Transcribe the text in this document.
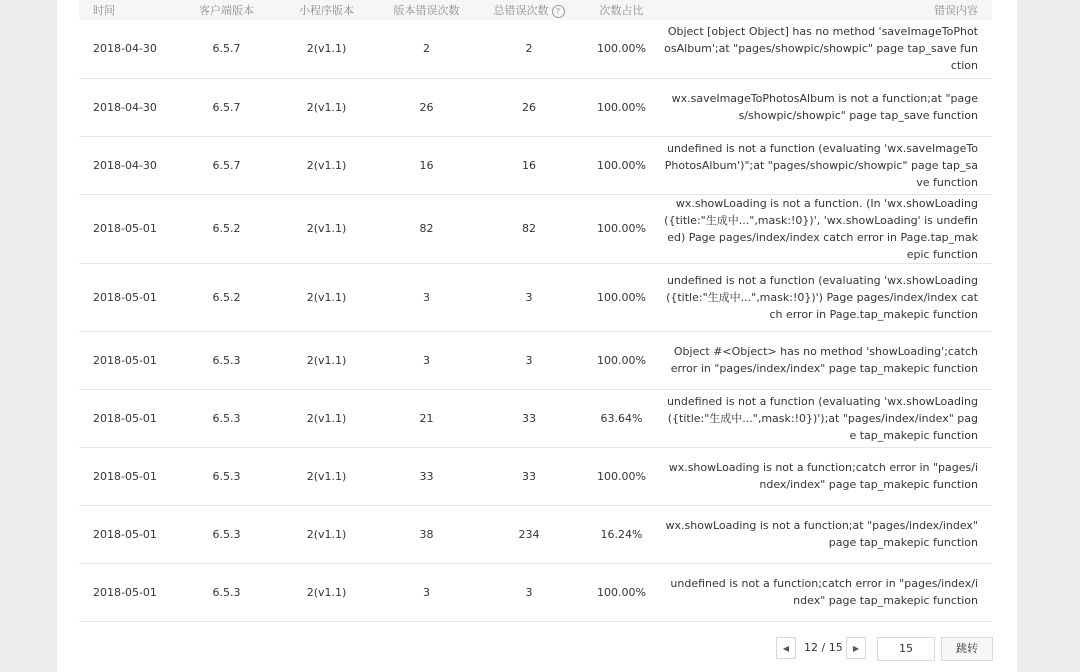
时间	客户端版本	小程序版本	版本错误次数	总错误次数 ?	次数占比	错误内容
2018-04-30	6.5.7	2(v1.1)	2	2	100.00%	Object [object Object] has no method 'saveImageToPhotosAlbum';at "pages/showpic/showpic" page tap_save function
2018-04-30	6.5.7	2(v1.1)	26	26	100.00%	wx.saveImageToPhotosAlbum is not a function;at "pages/showpic/showpic" page tap_save function
2018-04-30	6.5.7	2(v1.1)	16	16	100.00%	undefined is not a function (evaluating 'wx.saveImageToPhotosAlbum')";at "pages/showpic/showpic" page tap_save function
2018-05-01	6.5.2	2(v1.1)	82	82	100.00%	wx.showLoading is not a function. (In 'wx.showLoading({title:"生成中...",mask:!0})', 'wx.showLoading' is undefined) Page pages/index/index catch error in Page.tap_makepic function
2018-05-01	6.5.2	2(v1.1)	3	3	100.00%	undefined is not a function (evaluating 'wx.showLoading({title:"生成中...",mask:!0})') Page pages/index/index catch error in Page.tap_makepic function
2018-05-01	6.5.3	2(v1.1)	3	3	100.00%	Object #<Object> has no method 'showLoading';catch error in "pages/index/index" page tap_makepic function
2018-05-01	6.5.3	2(v1.1)	21	33	63.64%	undefined is not a function (evaluating 'wx.showLoading({title:"生成中...",mask:!0})');at "pages/index/index" page tap_makepic function
2018-05-01	6.5.3	2(v1.1)	33	33	100.00%	wx.showLoading is not a function;catch error in "pages/index/index" page tap_makepic function
2018-05-01	6.5.3	2(v1.1)	38	234	16.24%	wx.showLoading is not a function;at "pages/index/index" page tap_makepic function
2018-05-01	6.5.3	2(v1.1)	3	3	100.00%	undefined is not a function;catch error in "pages/index/index" page tap_makepic function
◀	12 / 15	▶	15	跳转
